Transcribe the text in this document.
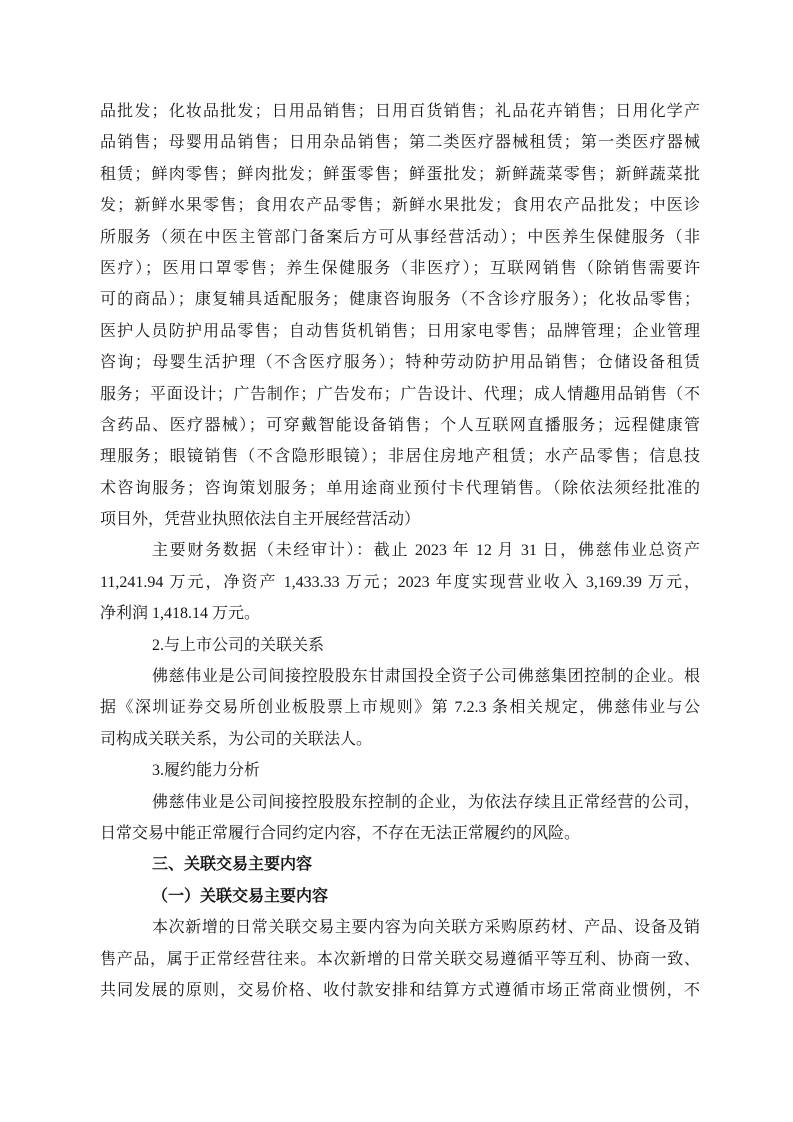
品批发；化妆品批发；日用品销售；日用百货销售；礼品花卉销售；日用化学产
品销售；母婴用品销售；日用杂品销售；第二类医疗器械租赁；第一类医疗器械
租赁；鲜肉零售；鲜肉批发；鲜蛋零售；鲜蛋批发；新鲜蔬菜零售；新鲜蔬菜批
发；新鲜水果零售；食用农产品零售；新鲜水果批发；食用农产品批发；中医诊
所服务（须在中医主管部门备案后方可从事经营活动）；中医养生保健服务（非
医疗）；医用口罩零售；养生保健服务（非医疗）；互联网销售（除销售需要许
可的商品）；康复辅具适配服务；健康咨询服务（不含诊疗服务）；化妆品零售；
医护人员防护用品零售；自动售货机销售；日用家电零售；品牌管理；企业管理
咨询；母婴生活护理（不含医疗服务）；特种劳动防护用品销售；仓储设备租赁
服务；平面设计；广告制作；广告发布；广告设计、代理；成人情趣用品销售（不
含药品、医疗器械）；可穿戴智能设备销售；个人互联网直播服务；远程健康管
理服务；眼镜销售（不含隐形眼镜）；非居住房地产租赁；水产品零售；信息技
术咨询服务；咨询策划服务；单用途商业预付卡代理销售。（除依法须经批准的
项目外，凭营业执照依法自主开展经营活动）
主要财务数据（未经审计）：截止 2023 年 12 月 31 日，佛慈伟业总资产
11,241.94 万元，净资产 1,433.33 万元；2023 年度实现营业收入 3,169.39 万元，
净利润 1,418.14 万元。
2.与上市公司的关联关系
佛慈伟业是公司间接控股股东甘肃国投全资子公司佛慈集团控制的企业。根
据《深圳证券交易所创业板股票上市规则》第 7.2.3 条相关规定，佛慈伟业与公
司构成关联关系，为公司的关联法人。
3.履约能力分析
佛慈伟业是公司间接控股股东控制的企业，为依法存续且正常经营的公司，
日常交易中能正常履行合同约定内容，不存在无法正常履约的风险。
三、关联交易主要内容
（一）关联交易主要内容
本次新增的日常关联交易主要内容为向关联方采购原药材、产品、设备及销
售产品，属于正常经营往来。本次新增的日常关联交易遵循平等互利、协商一致、
共同发展的原则，交易价格、收付款安排和结算方式遵循市场正常商业惯例，不
